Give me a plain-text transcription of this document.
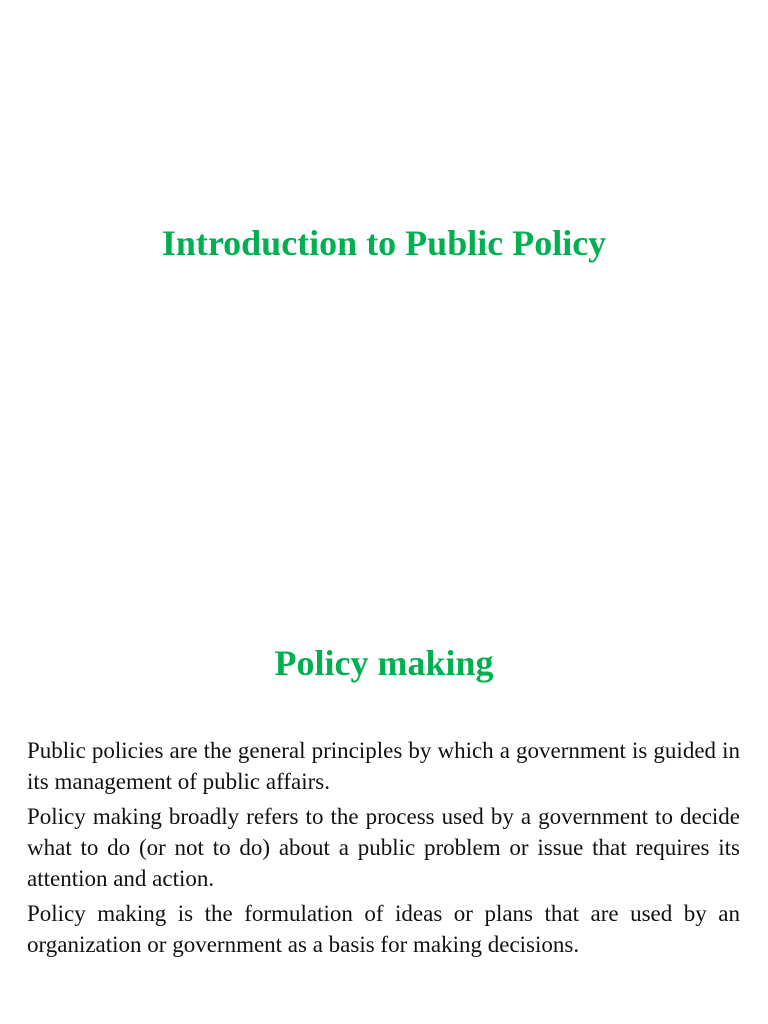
Introduction to Public Policy
Policy making

Public policies are the general principles by which a government is guided in its management of public affairs.

Policy making broadly refers to the process used by a government to decide what to do (or not to do) about a public problem or issue that requires its attention and action.

Policy making is the formulation of ideas or plans that are used by an organization or government as a basis for making decisions.
